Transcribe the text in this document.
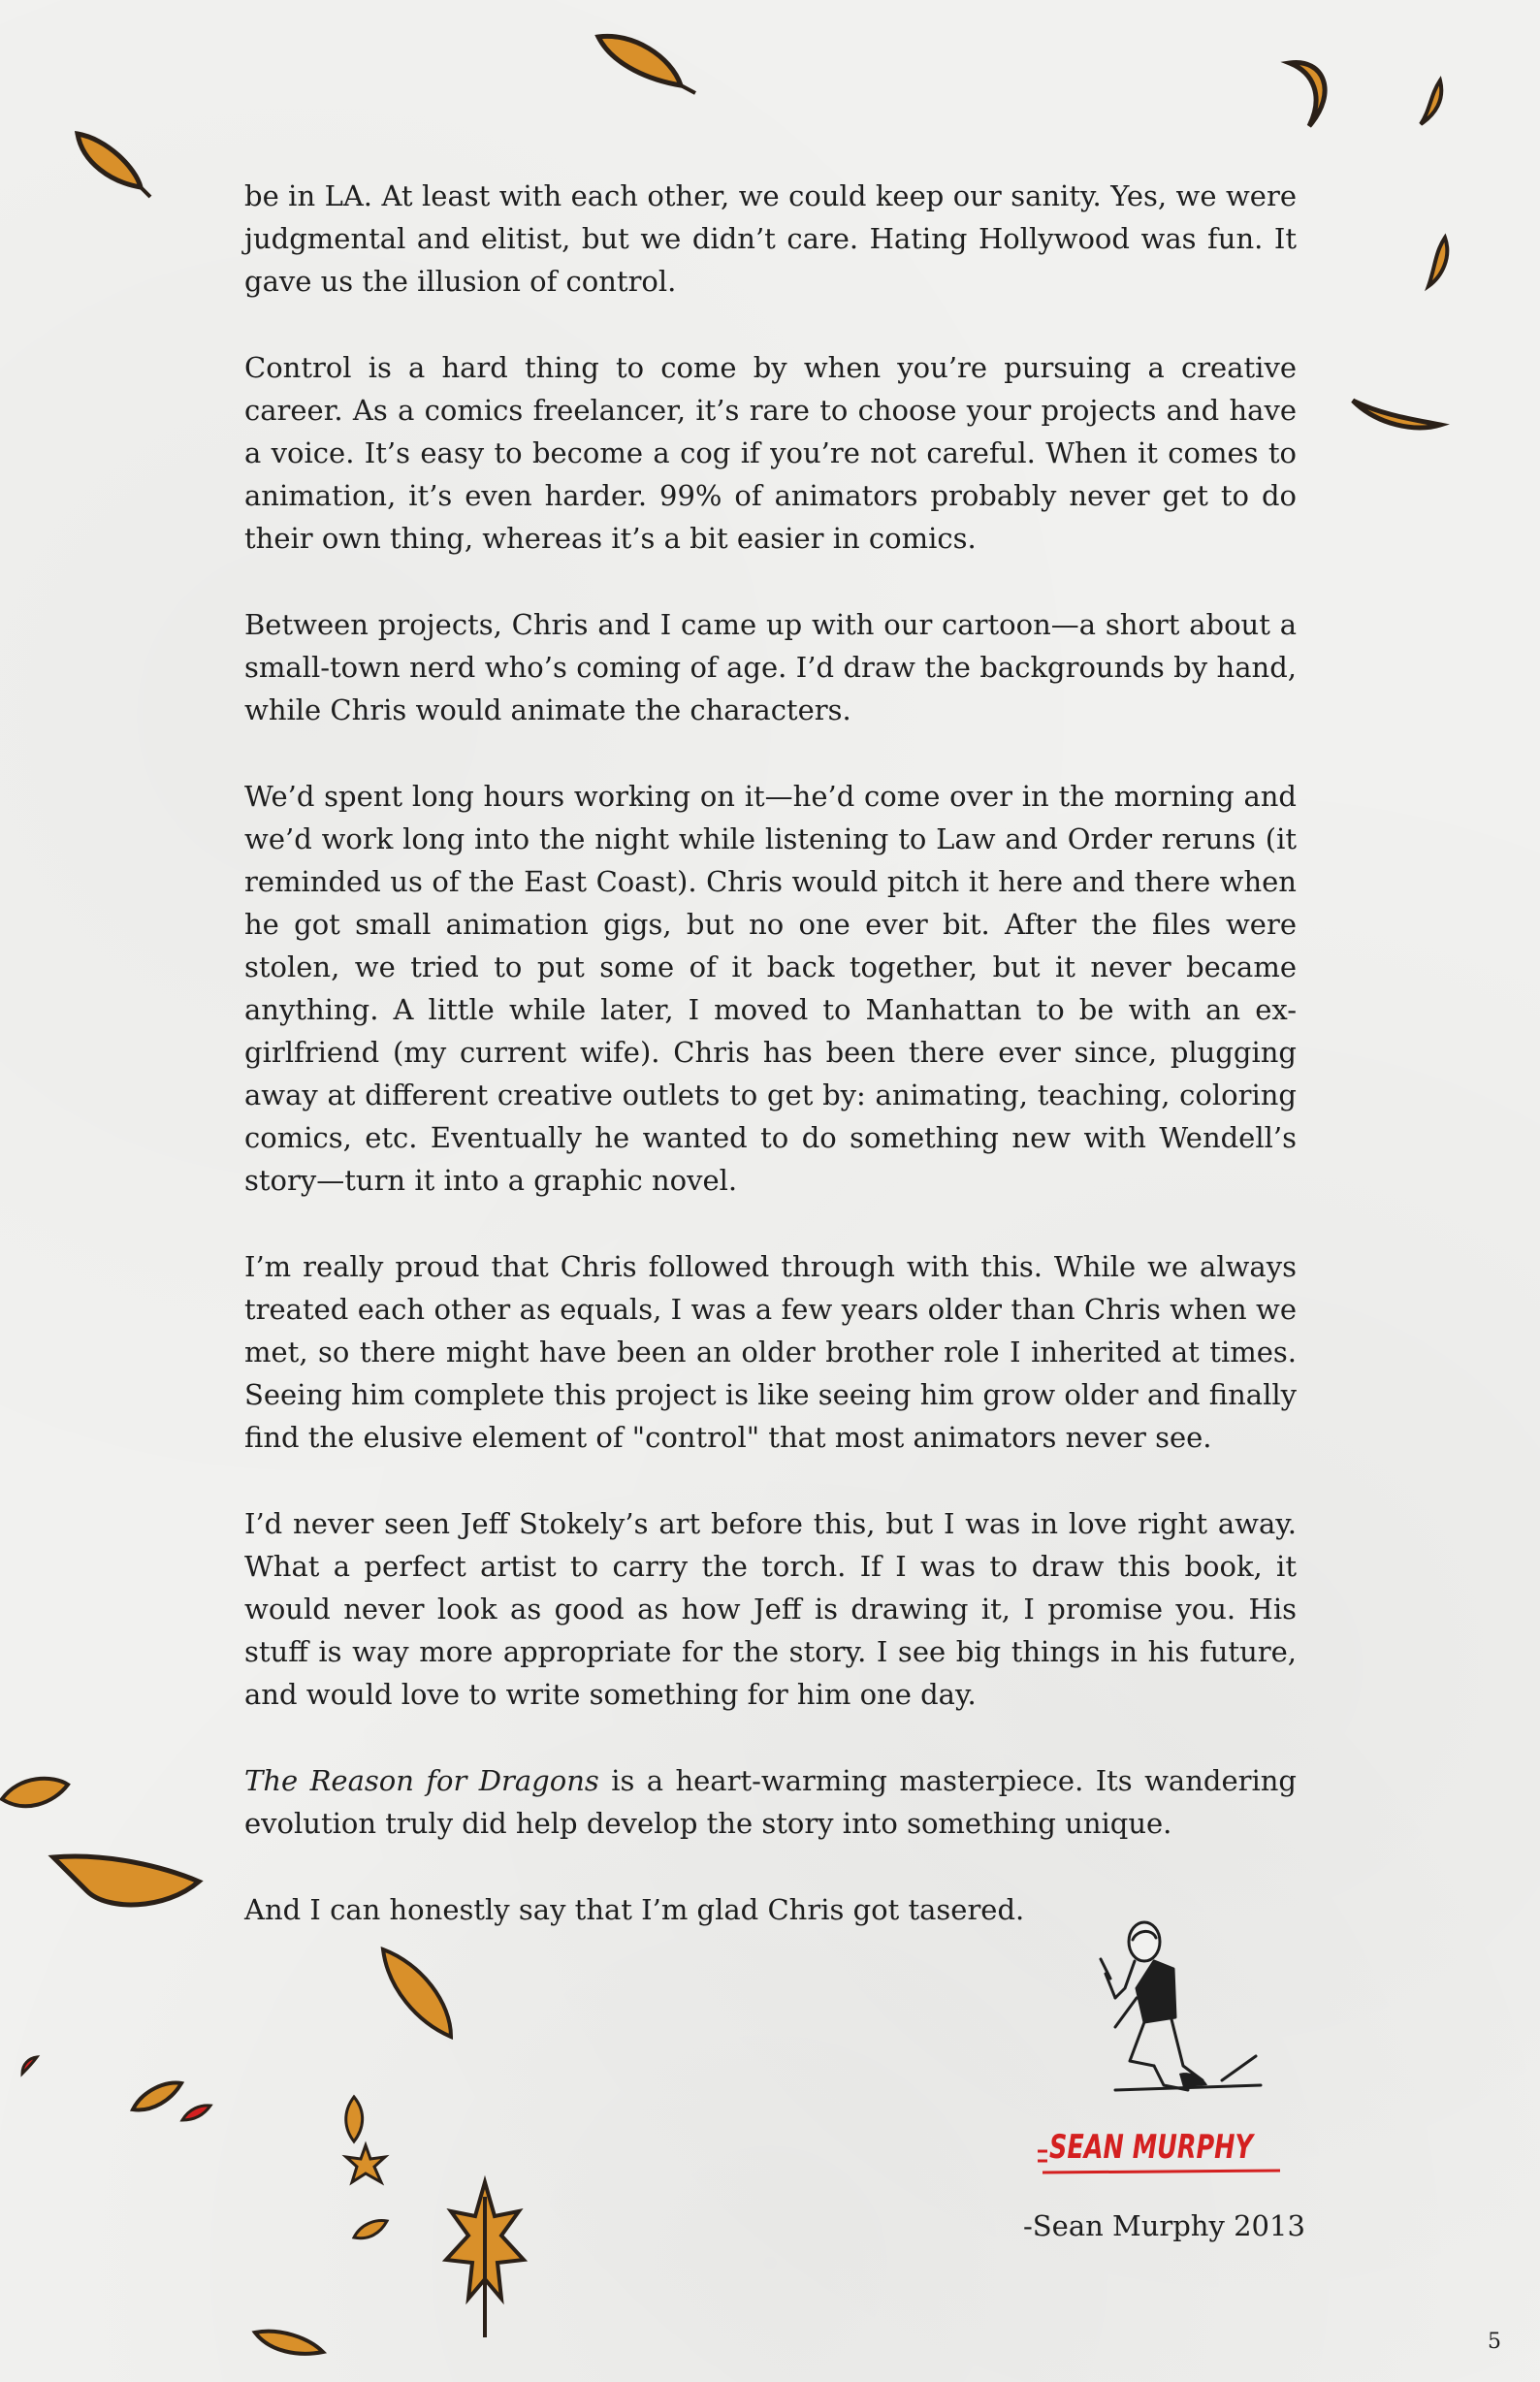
be in LA. At least with each other, we could keep our sanity. Yes, we were judgmental and elitist, but we didn’t care. Hating Hollywood was fun. It gave us the illusion of control.

Control is a hard thing to come by when you’re pursuing a creative career. As a comics freelancer, it’s rare to choose your projects and have a voice. It’s easy to become a cog if you’re not careful. When it comes to animation, it’s even harder. 99% of animators probably never get to do their own thing, whereas it’s a bit easier in comics.

Between projects, Chris and I came up with our cartoon—a short about a small-town nerd who’s coming of age. I’d draw the backgrounds by hand, while Chris would animate the characters.

We’d spent long hours working on it—he’d come over in the morning and we’d work long into the night while listening to Law and Order reruns (it reminded us of the East Coast). Chris would pitch it here and there when he got small animation gigs, but no one ever bit. After the files were stolen, we tried to put some of it back together, but it never became anything. A little while later, I moved to Manhattan to be with an ex-girlfriend (my current wife). Chris has been there ever since, plugging away at different creative outlets to get by: animating, teaching, coloring comics, etc. Eventually he wanted to do something new with Wendell’s story—turn it into a graphic novel.

I’m really proud that Chris followed through with this. While we always treated each other as equals, I was a few years older than Chris when we met, so there might have been an older brother role I inherited at times. Seeing him complete this project is like seeing him grow older and finally find the elusive element of "control" that most animators never see.

I’d never seen Jeff Stokely’s art before this, but I was in love right away. What a perfect artist to carry the torch. If I was to draw this book, it would never look as good as how Jeff is drawing it, I promise you. His stuff is way more appropriate for the story. I see big things in his future, and would love to write something for him one day.

The Reason for Dragons is a heart-warming masterpiece. Its wandering evolution truly did help develop the story into something unique.

And I can honestly say that I’m glad Chris got tasered.

SEAN MURPHY
-Sean Murphy 2013
5
